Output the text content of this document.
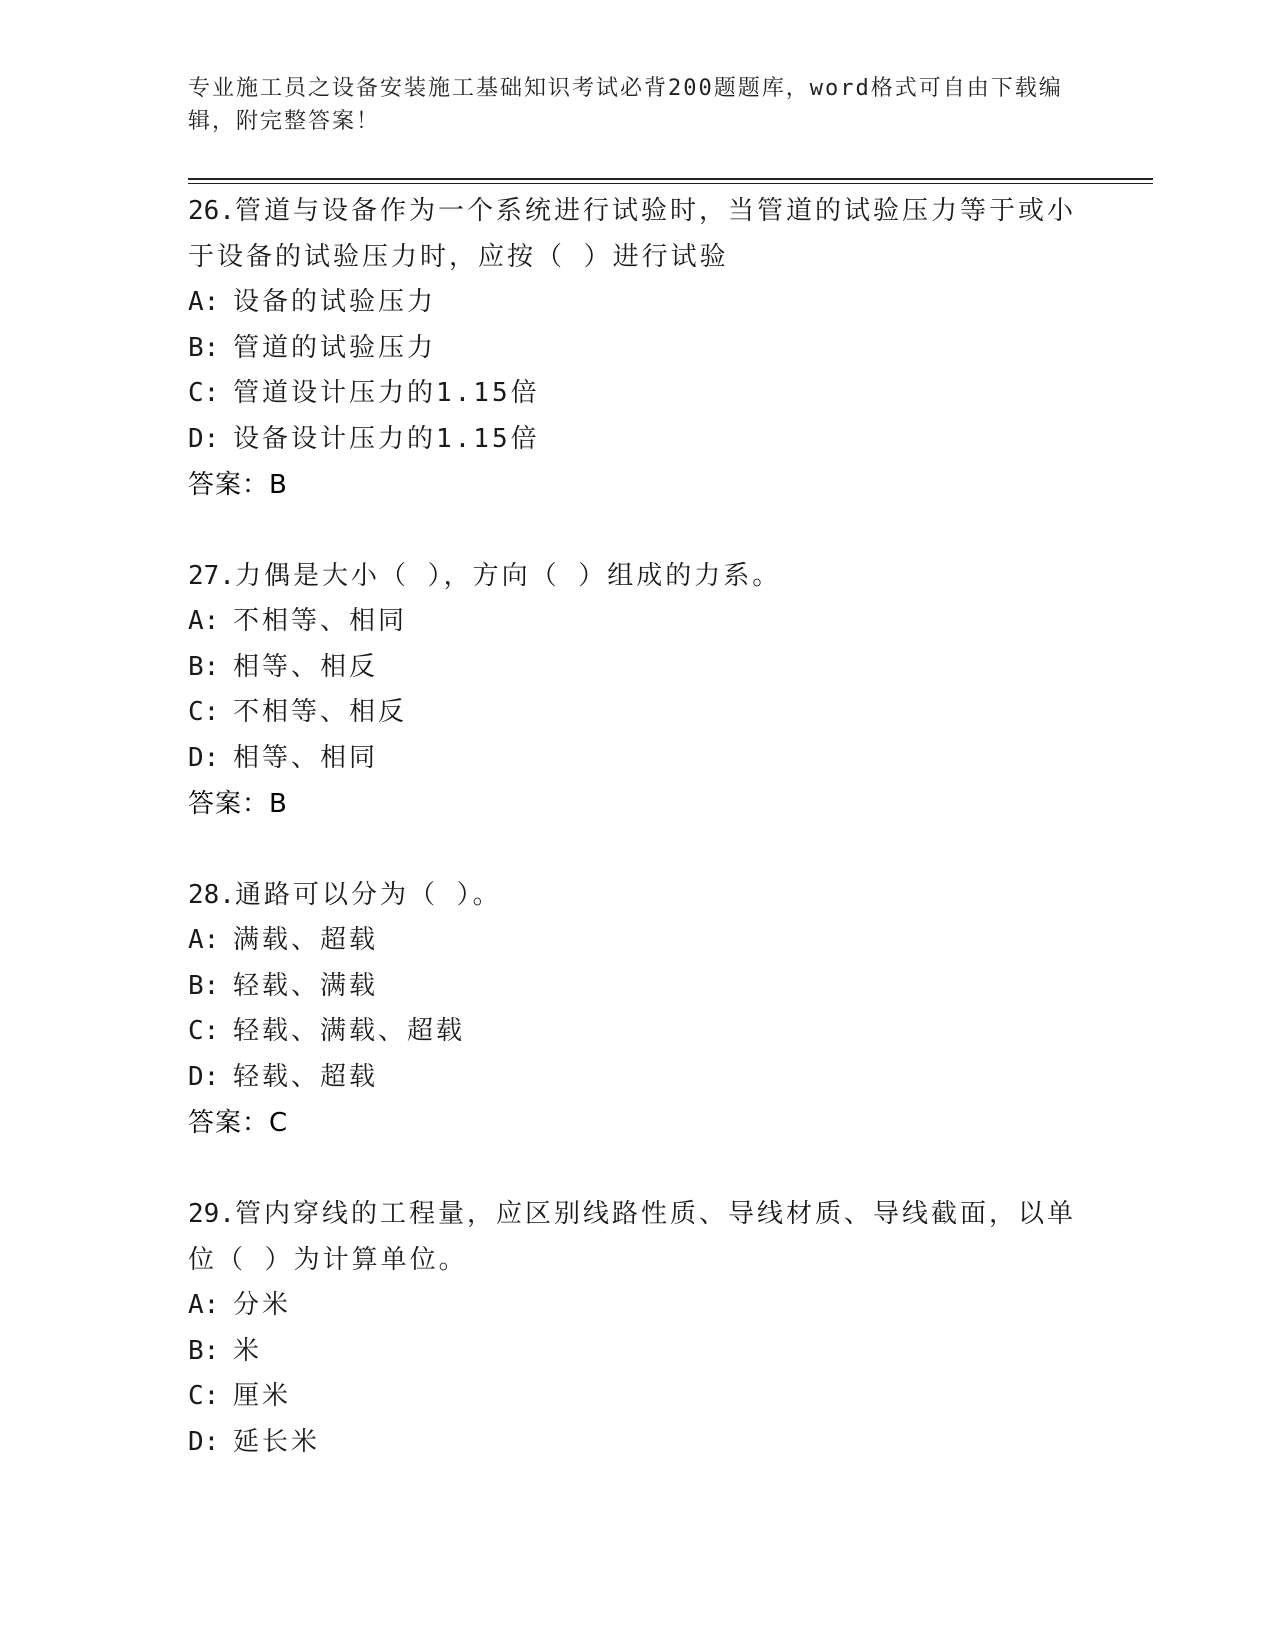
专业施工员之设备安装施工基础知识考试必背200题题库，word格式可自由下载编辑，附完整答案！
26.管道与设备作为一个系统进行试验时，当管道的试验压力等于或小于设备的试验压力时，应按（ ）进行试验
A: 设备的试验压力
B: 管道的试验压力
C: 管道设计压力的1.15倍
D: 设备设计压力的1.15倍
答案：B
27.力偶是大小（ ），方向（ ）组成的力系。
A: 不相等、相同
B: 相等、相反
C: 不相等、相反
D: 相等、相同
答案：B
28.通路可以分为（ ）。
A: 满载、超载
B: 轻载、满载
C: 轻载、满载、超载
D: 轻载、超载
答案：C
29.管内穿线的工程量，应区别线路性质、导线材质、导线截面，以单位（ ）为计算单位。
A: 分米
B: 米
C: 厘米
D: 延长米
